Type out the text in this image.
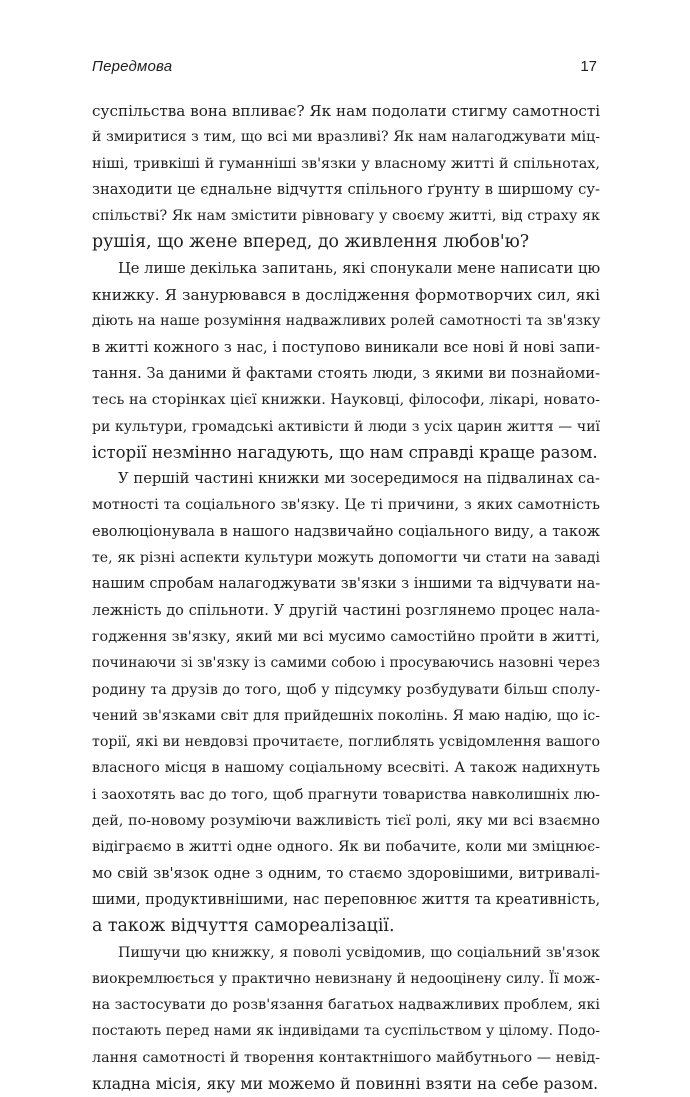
Передмова	17
суспільства вона впливає? Як нам подолати стигму самотності
й змиритися з тим, що всі ми вразливі? Як нам налагоджувати міц-
ніші, тривкіші й гуманніші зв'язки у власному житті й спільнотах,
знаходити це єднальне відчуття спільного ґрунту в ширшому су-
спільстві? Як нам змістити рівновагу у своєму житті, від страху як
рушія, що жене вперед, до живлення любов'ю?
Це лише декілька запитань, які спонукали мене написати цю
книжку. Я занурювався в дослідження формотворчих сил, які
діють на наше розуміння надважливих ролей самотності та зв'язку
в житті кожного з нас, і поступово виникали все нові й нові запи-
тання. За даними й фактами стоять люди, з якими ви познайоми-
тесь на сторінках цієї книжки. Науковці, філософи, лікарі, новато-
ри культури, громадські активісти й люди з усіх царин життя — чиї
історії незмінно нагадують, що нам справді краще разом.
У першій частині книжки ми зосередимося на підвалинах са-
мотності та соціального зв'язку. Це ті причини, з яких самотність
еволюціонувала в нашого надзвичайно соціального виду, а також
те, як різні аспекти культури можуть допомогти чи стати на заваді
нашим спробам налагоджувати зв'язки з іншими та відчувати на-
лежність до спільноти. У другій частині розглянемо процес нала-
годження зв'язку, який ми всі мусимо самостійно пройти в житті,
починаючи зі зв'язку із самими собою і просуваючись назовні через
родину та друзів до того, щоб у підсумку розбудувати більш сполу-
чений зв'язками світ для прийдешніх поколінь. Я маю надію, що іс-
торії, які ви невдовзі прочитаєте, поглиблять усвідомлення вашого
власного місця в нашому соціальному всесвіті. А також надихнуть
і заохотять вас до того, щоб прагнути товариства навколишніх лю-
дей, по-новому розуміючи важливість тієї ролі, яку ми всі взаємно
відіграємо в житті одне одного. Як ви побачите, коли ми зміцнює-
мо свій зв'язок одне з одним, то стаємо здоровішими, витривалі-
шими, продуктивнішими, нас переповнює життя та креативність,
а також відчуття самореалізації.
Пишучи цю книжку, я поволі усвідомив, що соціальний зв'язок
виокремлюється у практично невизнану й недооцінену силу. Її мож-
на застосувати до розв'язання багатьох надважливих проблем, які
постають перед нами як індивідами та суспільством у цілому. Подо-
лання самотності й творення контактнішого майбутнього — невід-
кладна місія, яку ми можемо й повинні взяти на себе разом.
